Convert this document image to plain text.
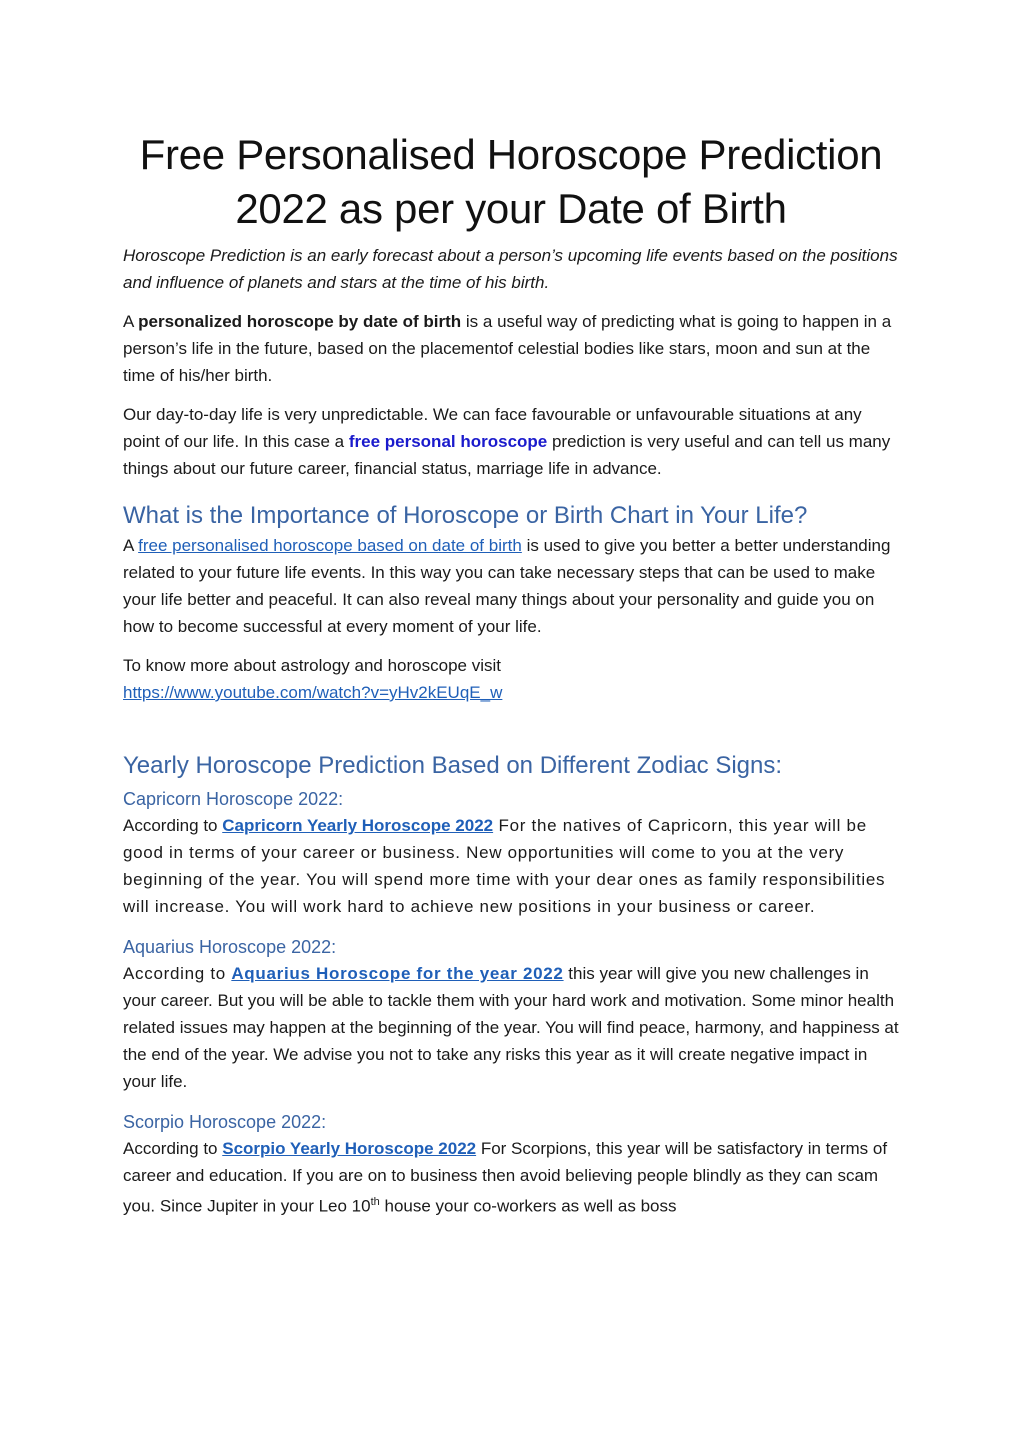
Free Personalised Horoscope Prediction
2022 as per your Date of Birth

Horoscope Prediction is an early forecast about a person’s upcoming life events based on the positions and influence of planets and stars at the time of his birth.

A personalized horoscope by date of birth is a useful way of predicting what is going to happen in a person’s life in the future, based on the placementof celestial bodies like stars, moon and sun at the time of his/her birth.

Our day-to-day life is very unpredictable. We can face favourable or unfavourable situations at any point of our life. In this case a free personal horoscope prediction is very useful and can tell us many things about our future career, financial status, marriage life in advance.

What is the Importance of Horoscope or Birth Chart in Your Life?

A free personalised horoscope based on date of birth is used to give you better a better understanding related to your future life events. In this way you can take necessary steps that can be used to make your life better and peaceful. It can also reveal many things about your personality and guide you on how to become successful at every moment of your life.

To know more about astrology and horoscope visit
https://www.youtube.com/watch?v=yHv2kEUqE_w

Yearly Horoscope Prediction Based on Different Zodiac Signs:
Capricorn Horoscope 2022:

According to Capricorn Yearly Horoscope 2022 For the natives of Capricorn, this year will be good in terms of your career or business. New opportunities will come to you at the very beginning of the year. You will spend more time with your dear ones as family responsibilities will increase. You will work hard to achieve new positions in your business or career.

Aquarius Horoscope 2022:

According to Aquarius Horoscope for the year 2022 this year will give you new challenges in your career. But you will be able to tackle them with your hard work and motivation. Some minor health related issues may happen at the beginning of the year. You will find peace, harmony, and happiness at the end of the year. We advise you not to take any risks this year as it will create negative impact in your life.

Scorpio Horoscope 2022:

According to Scorpio Yearly Horoscope 2022 For Scorpions, this year will be satisfactory in terms of career and education. If you are on to business then avoid believing people blindly as they can scam you. Since Jupiter in your Leo 10th house your co-workers as well as boss
